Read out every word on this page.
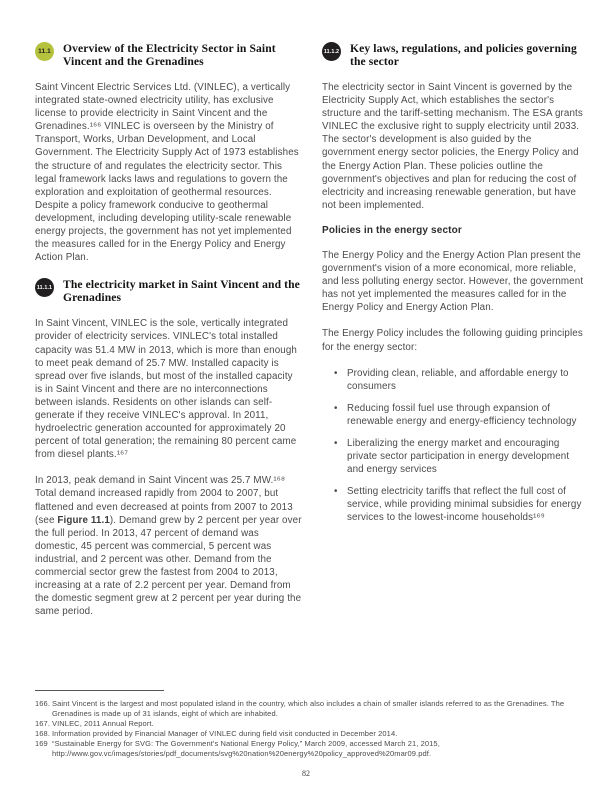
11.1 Overview of the Electricity Sector in Saint Vincent and the Grenadines

Saint Vincent Electric Services Ltd. (VINLEC), a vertically integrated state-owned electricity utility, has exclusive license to provide electricity in Saint Vincent and the Grenadines.¹⁶⁶ VINLEC is overseen by the Ministry of Transport, Works, Urban Development, and Local Government. The Electricity Supply Act of 1973 establishes the structure of and regulates the electricity sector. This legal framework lacks laws and regulations to govern the exploration and exploitation of geothermal resources. Despite a policy framework conducive to geothermal development, including developing utility-scale renewable energy projects, the government has not yet implemented the measures called for in the Energy Policy and Energy Action Plan.

11.1.1 The electricity market in Saint Vincent and the Grenadines

In Saint Vincent, VINLEC is the sole, vertically integrated provider of electricity services. VINLEC's total installed capacity was 51.4 MW in 2013, which is more than enough to meet peak demand of 25.7 MW. Installed capacity is spread over five islands, but most of the installed capacity is in Saint Vincent and there are no interconnections between islands. Residents on other islands can self-generate if they receive VINLEC's approval. In 2011, hydroelectric generation accounted for approximately 20 percent of total generation; the remaining 80 percent came from diesel plants.¹⁶⁷

In 2013, peak demand in Saint Vincent was 25.7 MW.¹⁶⁸ Total demand increased rapidly from 2004 to 2007, but flattened and even decreased at points from 2007 to 2013 (see Figure 11.1). Demand grew by 2 percent per year over the full period. In 2013, 47 percent of demand was domestic, 45 percent was commercial, 5 percent was industrial, and 2 percent was other. Demand from the commercial sector grew the fastest from 2004 to 2013, increasing at a rate of 2.2 percent per year. Demand from the domestic segment grew at 2 percent per year during the same period.

11.1.2 Key laws, regulations, and policies governing the sector

The electricity sector in Saint Vincent is governed by the Electricity Supply Act, which establishes the sector's structure and the tariff-setting mechanism. The ESA grants VINLEC the exclusive right to supply electricity until 2033. The sector's development is also guided by the government energy sector policies, the Energy Policy and the Energy Action Plan. These policies outline the government's objectives and plan for reducing the cost of electricity and increasing renewable generation, but have not been implemented.

Policies in the energy sector

The Energy Policy and the Energy Action Plan present the government's vision of a more economical, more reliable, and less polluting energy sector. However, the government has not yet implemented the measures called for in the Energy Policy and Energy Action Plan.

The Energy Policy includes the following guiding principles for the energy sector:

• Providing clean, reliable, and affordable energy to consumers
• Reducing fossil fuel use through expansion of renewable energy and energy-efficiency technology
• Liberalizing the energy market and encouraging private sector participation in energy development and energy services
• Setting electricity tariffs that reflect the full cost of service, while providing minimal subsidies for energy services to the lowest-income households¹⁶⁹
166. Saint Vincent is the largest and most populated island in the country, which also includes a chain of smaller islands referred to as the Grenadines. The Grenadines is made up of 31 islands, eight of which are inhabited.
167. VINLEC, 2011 Annual Report.
168. Information provided by Financial Manager of VINLEC during field visit conducted in December 2014.
169 “Sustainable Energy for SVG: The Government's National Energy Policy,” March 2009, accessed March 21, 2015, http://www.gov.vc/images/stories/pdf_documents/svg%20nation%20energy%20policy_approved%20mar09.pdf.
82
